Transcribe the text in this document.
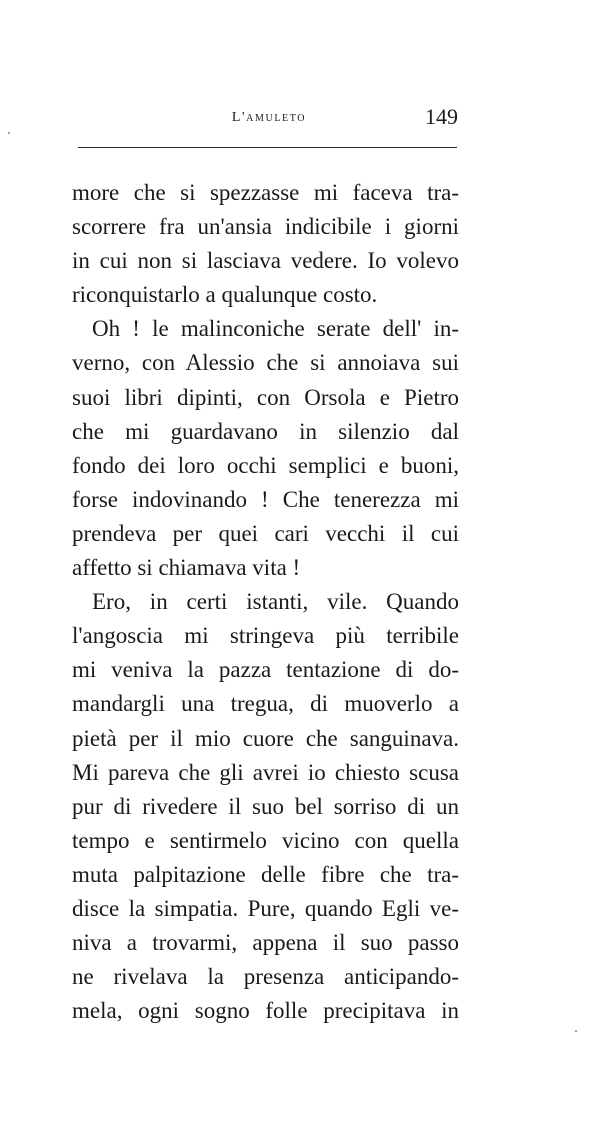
L'amuleto	149
more che si spezzasse mi faceva tra-
scorrere fra un'ansia indicibile i giorni
in cui non si lasciava vedere. Io volevo
riconquistarlo a qualunque costo.
Oh ! le malinconiche serate dell' in-
verno, con Alessio che si annoiava sui
suoi libri dipinti, con Orsola e Pietro
che mi guardavano in silenzio dal
fondo dei loro occhi semplici e buoni,
forse indovinando ! Che tenerezza mi
prendeva per quei cari vecchi il cui
affetto si chiamava vita !
Ero, in certi istanti, vile. Quando
l'angoscia mi stringeva più terribile
mi veniva la pazza tentazione di do-
mandargli una tregua, di muoverlo a
pietà per il mio cuore che sanguinava.
Mi pareva che gli avrei io chiesto scusa
pur di rivedere il suo bel sorriso di un
tempo e sentirmelo vicino con quella
muta palpitazione delle fibre che tra-
disce la simpatia. Pure, quando Egli ve-
niva a trovarmi, appena il suo passo
ne rivelava la presenza anticipando-
mela, ogni sogno folle precipitava in
